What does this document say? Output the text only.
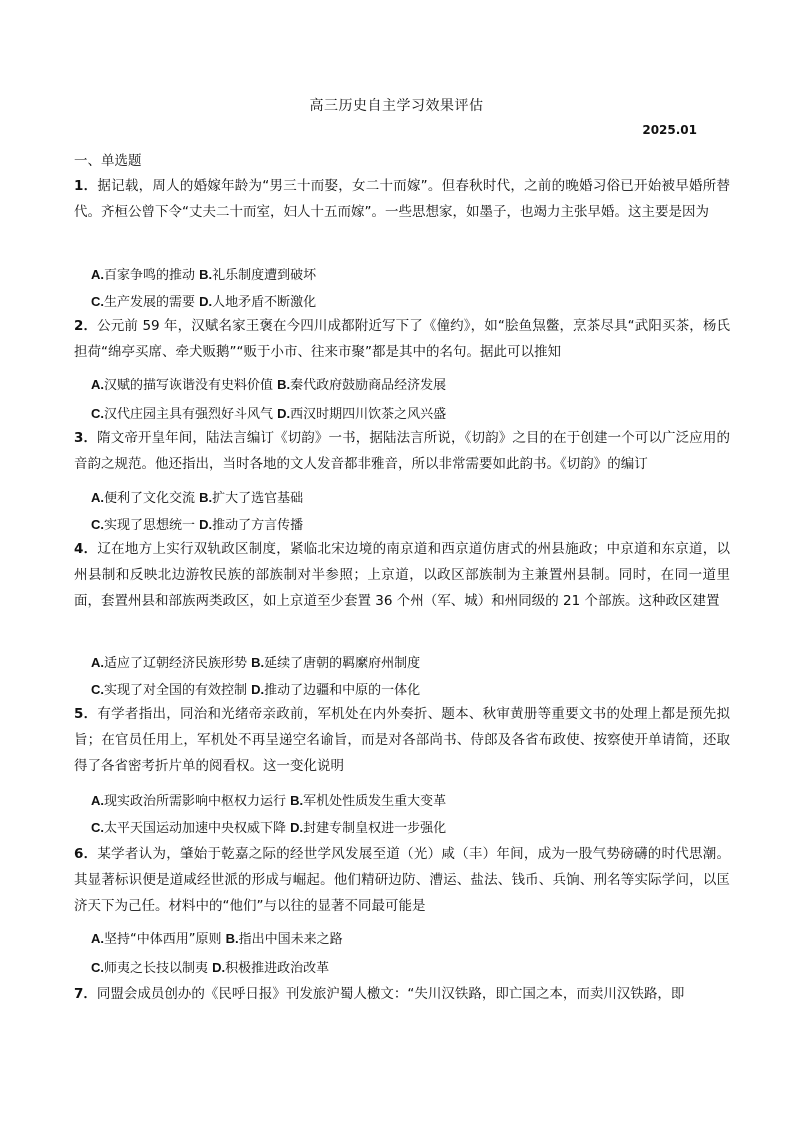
高三历史自主学习效果评估
2025.01
一、单选题
1．据记载，周人的婚嫁年龄为“男三十而娶，女二十而嫁”。但春秋时代，之前的晚婚习俗已开始被早婚所替代。齐桓公曾下令“丈夫二十而室，妇人十五而嫁”。一些思想家，如墨子，也竭力主张早婚。这主要是因为
A.百家争鸣的推动 B.礼乐制度遭到破坏
C.生产发展的需要 D.人地矛盾不断激化
2．公元前 59 年，汉赋名家王褒在今四川成都附近写下了《僮约》，如“脍鱼炰鳖，烹茶尽具“武阳买茶，杨氏担荷“绵亭买席、牵犬贩鹅”“贩于小市、往来市聚”都是其中的名句。据此可以推知
A.汉赋的描写诙谐没有史料价值 B.秦代政府鼓励商品经济发展
C.汉代庄园主具有强烈好斗风气 D.西汉时期四川饮茶之风兴盛
3．隋文帝开皇年间，陆法言编订《切韵》一书，据陆法言所说，《切韵》之目的在于创建一个可以广泛应用的音韵之规范。他还指出，当时各地的文人发音都非雅音，所以非常需要如此韵书。《切韵》的编订
A.便利了文化交流 B.扩大了选官基础
C.实现了思想统一 D.推动了方言传播
4．辽在地方上实行双轨政区制度，紧临北宋边境的南京道和西京道仿唐式的州县施政；中京道和东京道，以州县制和反映北边游牧民族的部族制对半参照；上京道，以政区部族制为主兼置州县制。同时，在同一道里面，套置州县和部族两类政区，如上京道至少套置 36 个州（军、城）和州同级的 21 个部族。这种政区建置
A.适应了辽朝经济民族形势 B.延续了唐朝的羁縻府州制度
C.实现了对全国的有效控制 D.推动了边疆和中原的一体化
5．有学者指出，同治和光绪帝亲政前，军机处在内外奏折、题本、秋审黄册等重要文书的处理上都是预先拟旨；在官员任用上，军机处不再呈递空名谕旨，而是对各部尚书、侍郎及各省布政使、按察使开单请简，还取得了各省密考折片单的阅看权。这一变化说明
A.现实政治所需影响中枢权力运行 B.军机处性质发生重大变革
C.太平天国运动加速中央权威下降 D.封建专制皇权进一步强化
6．某学者认为，肇始于乾嘉之际的经世学风发展至道（光）咸（丰）年间，成为一股气势磅礴的时代思潮。其显著标识便是道咸经世派的形成与崛起。他们精研边防、漕运、盐法、钱币、兵饷、刑名等实际学问，以匡济天下为己任。材料中的“他们”与以往的显著不同最可能是
A.坚持“中体西用”原则 B.指出中国未来之路
C.师夷之长技以制夷 D.积极推进政治改革
7．同盟会成员创办的《民呼日报》刊发旅沪蜀人檄文：“失川汉铁路，即亡国之本，而卖川汉铁路，即
